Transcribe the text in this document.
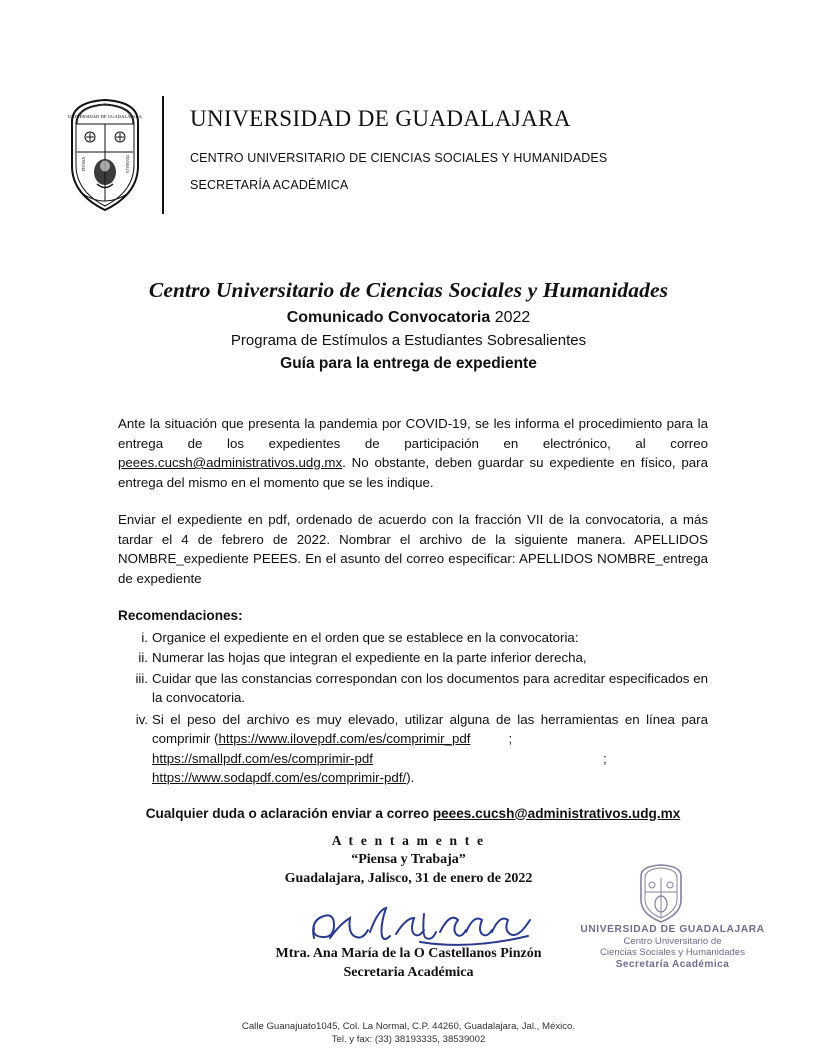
UNIVERSIDAD DE GUADALAJARA
PIENSA	TRABAJA
UNIVERSIDAD DE GUADALAJARA
CENTRO UNIVERSITARIO DE CIENCIAS SOCIALES Y HUMANIDADES
SECRETARÍA ACADÉMICA
Centro Universitario de Ciencias Sociales y Humanidades
Comunicado Convocatoria 2022
Programa de Estímulos a Estudiantes Sobresalientes
Guía para la entrega de expediente

Ante la situación que presenta la pandemia por COVID-19, se les informa el procedimiento para la entrega de los expedientes de participación en electrónico, al correo peees.cucsh@administrativos.udg.mx. No obstante, deben guardar su expediente en físico, para entrega del mismo en el momento que se les indique.

Enviar el expediente en pdf, ordenado de acuerdo con la fracción VII de la convocatoria, a más tardar el 4 de febrero de 2022. Nombrar el archivo de la siguiente manera. APELLIDOS NOMBRE_expediente PEEES. En el asunto del correo especificar: APELLIDOS NOMBRE_entrega de expediente

Recomendaciones:
i. Organice el expediente en el orden que se establece en la convocatoria:
ii. Numerar las hojas que integran el expediente en la parte inferior derecha,
iii. Cuidar que las constancias correspondan con los documentos para acreditar especificados en la convocatoria.
iv. Si el peso del archivo es muy elevado, utilizar alguna de las herramientas en línea para comprimir (https://www.ilovepdf.com/es/comprimir_pdf	;
https://smallpdf.com/es/comprimir-pdf	;
https://www.sodapdf.com/es/comprimir-pdf/).
Cualquier duda o aclaración enviar a correo peees.cucsh@administrativos.udg.mx
A t e n t a m e n t e
“Piensa y Trabaja”
Guadalajara, Jalisco, 31 de enero de 2022
Mtra. Ana María de la O Castellanos Pinzón
Secretaria Académica
UNIVERSIDAD DE GUADALAJARA
Centro Universitario de
Ciencias Sociales y Humanidades
Secretaría Académica
Calle Guanajuato1045, Col. La Normal, C.P. 44260, Guadalajara, Jal., México.
Tel. y fax: (33) 38193335, 38539002
